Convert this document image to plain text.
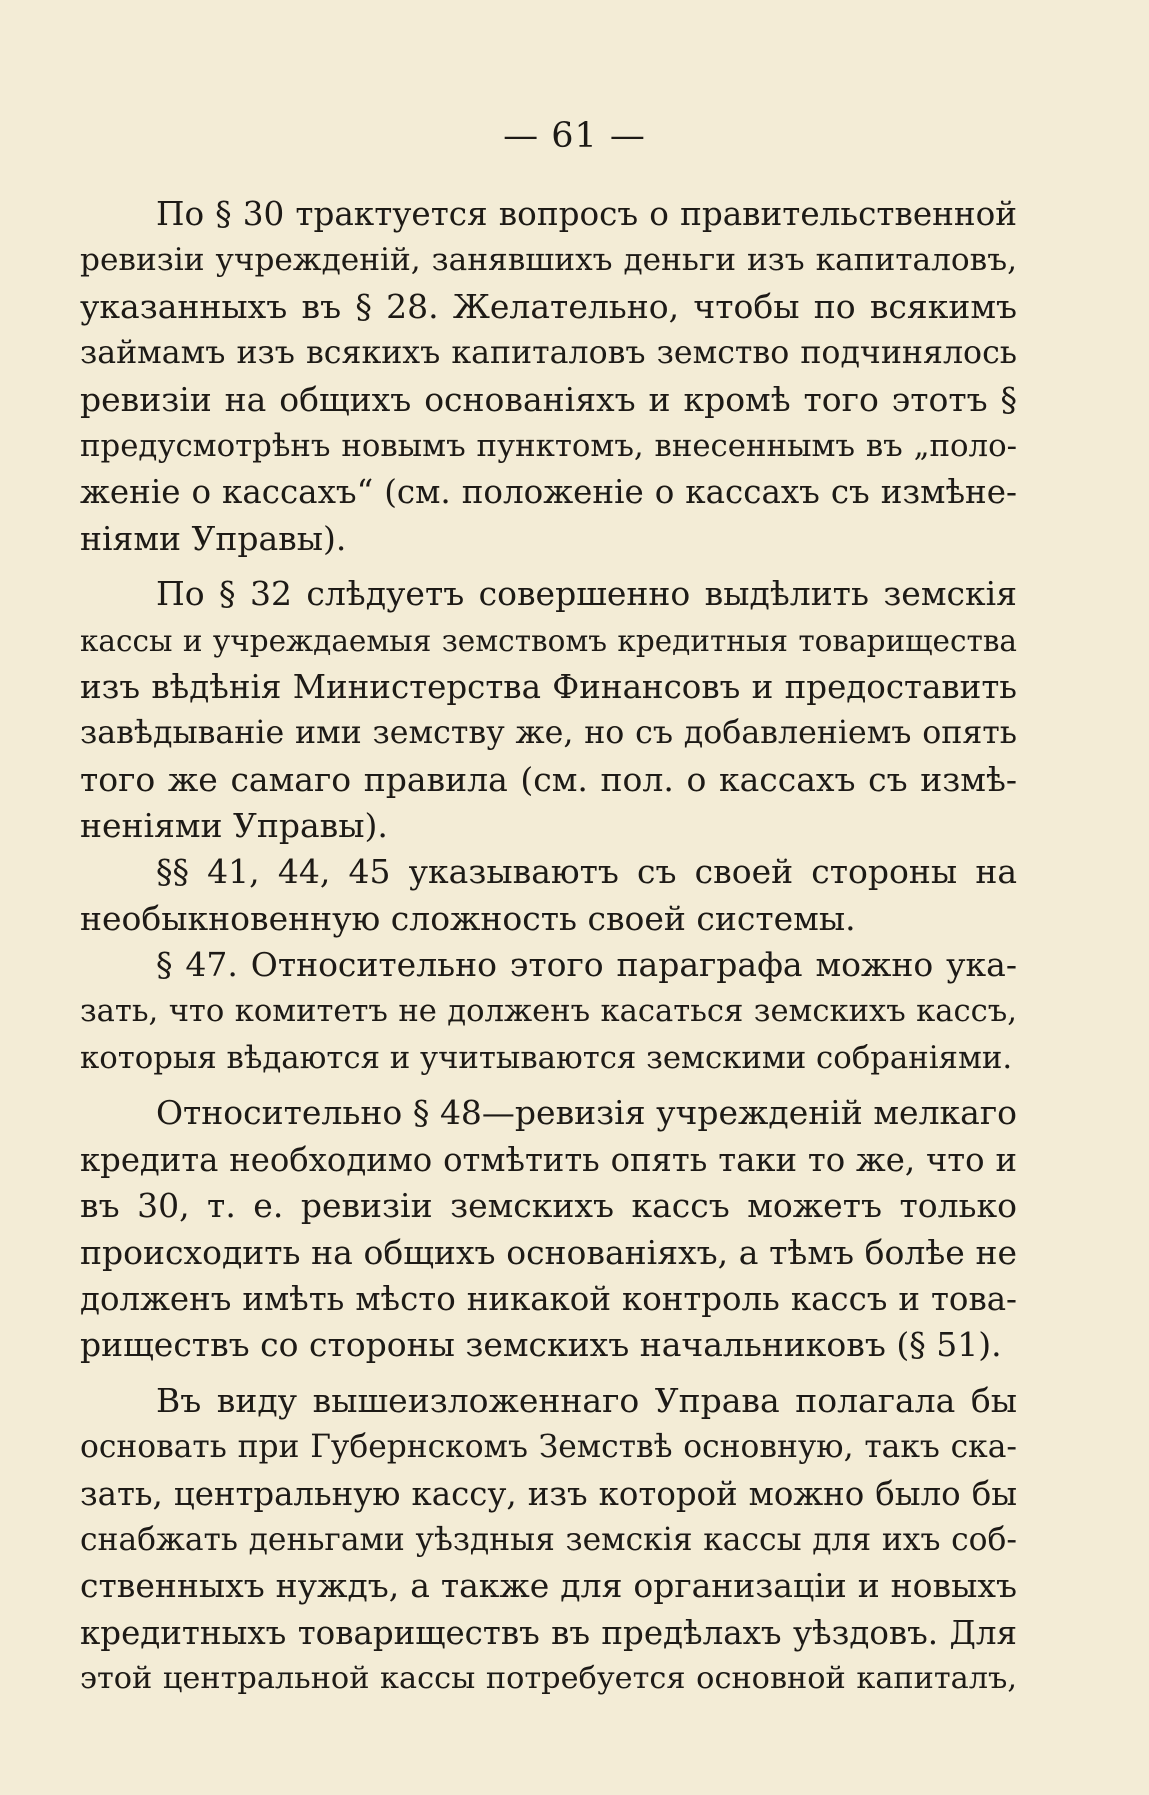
— 61 —
По § 30 трактуется вопросъ о правительственной
ревизіи учрежденій, занявшихъ деньги изъ капиталовъ,
указанныхъ въ § 28. Желательно, чтобы по всякимъ
займамъ изъ всякихъ капиталовъ земство подчинялось
ревизіи на общихъ основаніяхъ и кромѣ того этотъ §
предусмотрѣнъ новымъ пунктомъ, внесеннымъ въ „поло-
женіе о кассахъ“ (см. положеніе о кассахъ съ измѣне-
ніями Управы).
По § 32 слѣдуетъ совершенно выдѣлить земскія
кассы и учреждаемыя земствомъ кредитныя товарищества
изъ вѣдѣнія Министерства Финансовъ и предоставить
завѣдываніе ими земству же, но съ добавленіемъ опять
того же самаго правила (см. пол. о кассахъ съ измѣ-
неніями Управы).
§§ 41, 44, 45 указываютъ съ своей стороны на
необыкновенную сложность своей системы.
§ 47. Относительно этого параграфа можно ука-
зать, что комитетъ не долженъ касаться земскихъ кассъ,
которыя вѣдаются и учитываются земскими собраніями.
Относительно § 48—ревизія учрежденій мелкаго
кредита необходимо отмѣтить опять таки то же, что и
въ 30, т. е. ревизіи земскихъ кассъ можетъ только
происходить на общихъ основаніяхъ, а тѣмъ болѣе не
долженъ имѣть мѣсто никакой контроль кассъ и това-
риществъ со стороны земскихъ начальниковъ (§ 51).
Въ виду вышеизложеннаго Управа полагала бы
основать при Губернскомъ Земствѣ основную, такъ ска-
зать, центральную кассу, изъ которой можно было бы
снабжать деньгами уѣздныя земскія кассы для ихъ соб-
ственныхъ нуждъ, а также для организаціи и новыхъ
кредитныхъ товариществъ въ предѣлахъ уѣздовъ. Для
этой центральной кассы потребуется основной капиталъ,
